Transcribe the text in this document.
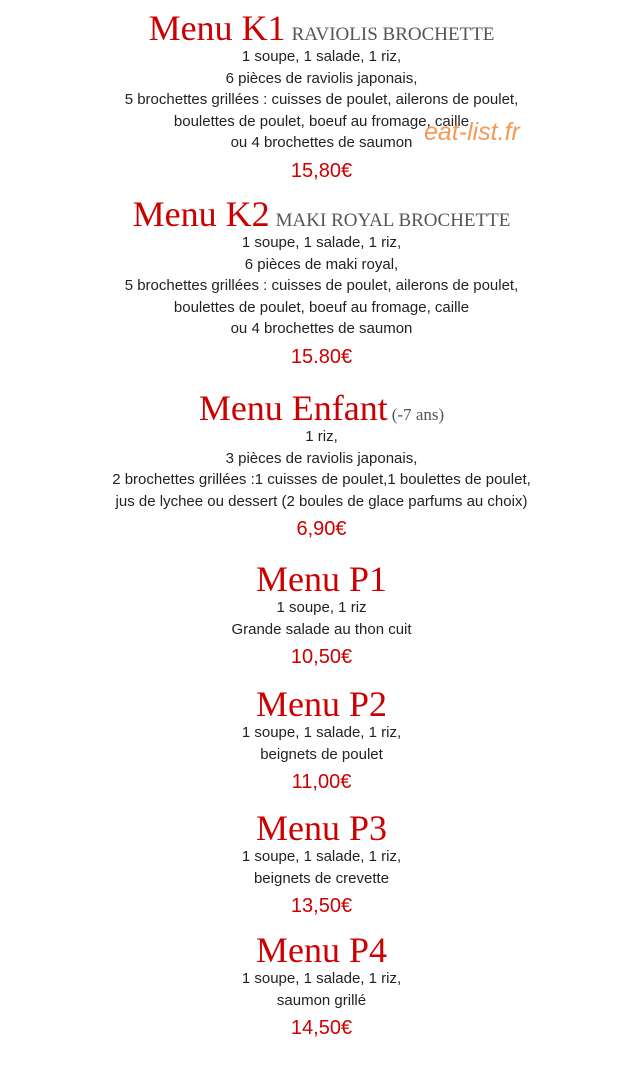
Menu K1 RAVIOLIS BROCHETTE
1 soupe, 1 salade, 1 riz,
6 pièces de raviolis japonais,
5 brochettes grillées : cuisses de poulet, ailerons de poulet,
boulettes de poulet, boeuf au fromage, caille
ou 4 brochettes de saumon
15,80€
Menu K2 MAKI ROYAL BROCHETTE
1 soupe, 1 salade, 1 riz,
6 pièces de maki royal,
5 brochettes grillées : cuisses de poulet, ailerons de poulet,
boulettes de poulet, boeuf au fromage, caille
ou 4 brochettes de saumon
15.80€
Menu Enfant (-7 ans)
1 riz,
3 pièces de raviolis japonais,
2 brochettes grillées :1 cuisses de poulet,1 boulettes de poulet,
jus de lychee ou dessert (2 boules de glace parfums au choix)
6,90€
Menu P1
1 soupe, 1 riz
Grande salade au thon cuit
10,50€
Menu P2
1 soupe, 1 salade, 1 riz,
beignets de poulet
11,00€
Menu P3
1 soupe, 1 salade, 1 riz,
beignets de crevette
13,50€
Menu P4
1 soupe, 1 salade, 1 riz,
saumon grillé
14,50€
eat-list.fr
